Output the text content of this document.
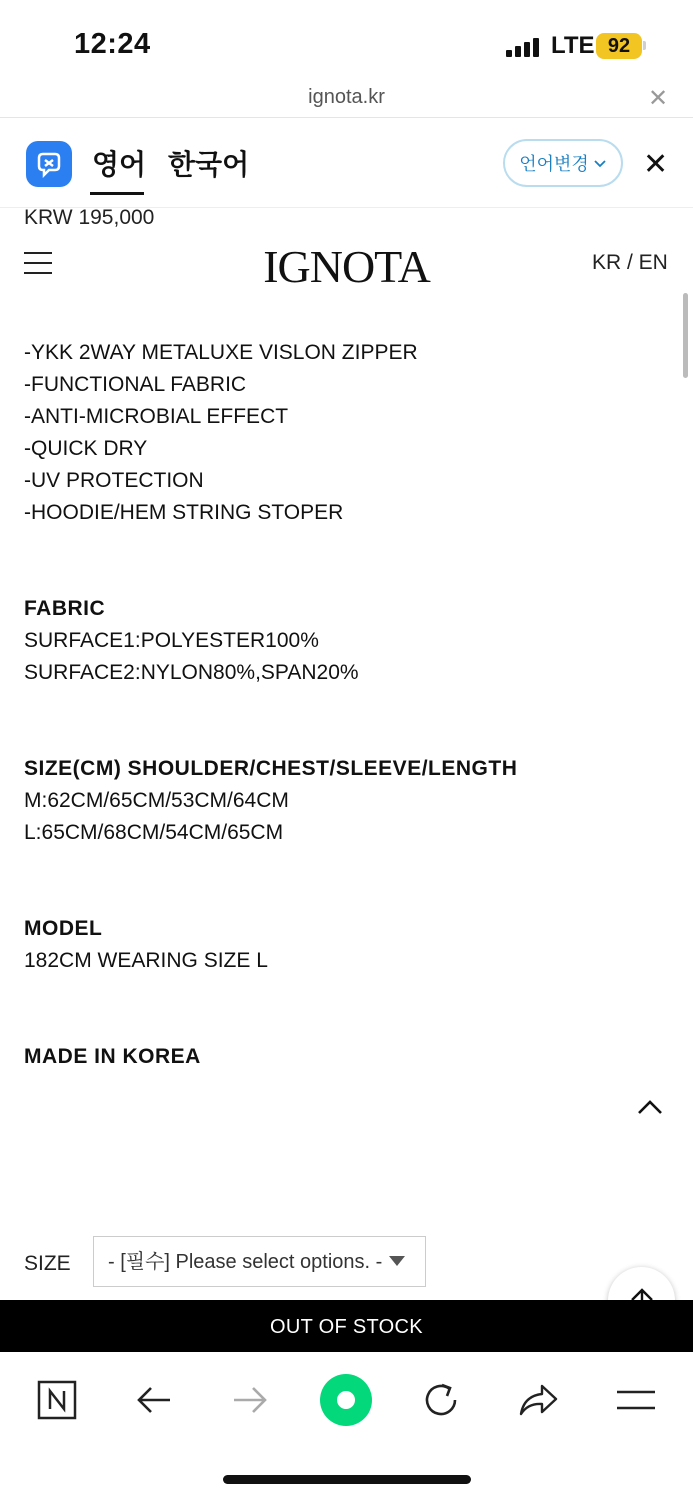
12:24	LTE 92
ignota.kr	✕
영어 한국어	언어변경 ✕
KRW 195,000
IGNOTA	KR / EN
-YKK 2WAY METALUXE VISLON ZIPPER
-FUNCTIONAL FABRIC
-ANTI-MICROBIAL EFFECT
-QUICK DRY
-UV PROTECTION
-HOODIE/HEM STRING STOPER
FABRIC
SURFACE1:POLYESTER100%
SURFACE2:NYLON80%,SPAN20%
SIZE(CM) SHOULDER/CHEST/SLEEVE/LENGTH
M:62CM/65CM/53CM/64CM
L:65CM/68CM/54CM/65CM
MODEL
182CM WEARING SIZE L
MADE IN KOREA
SIZE	- [필수] Please select options. -
OUT OF STOCK
